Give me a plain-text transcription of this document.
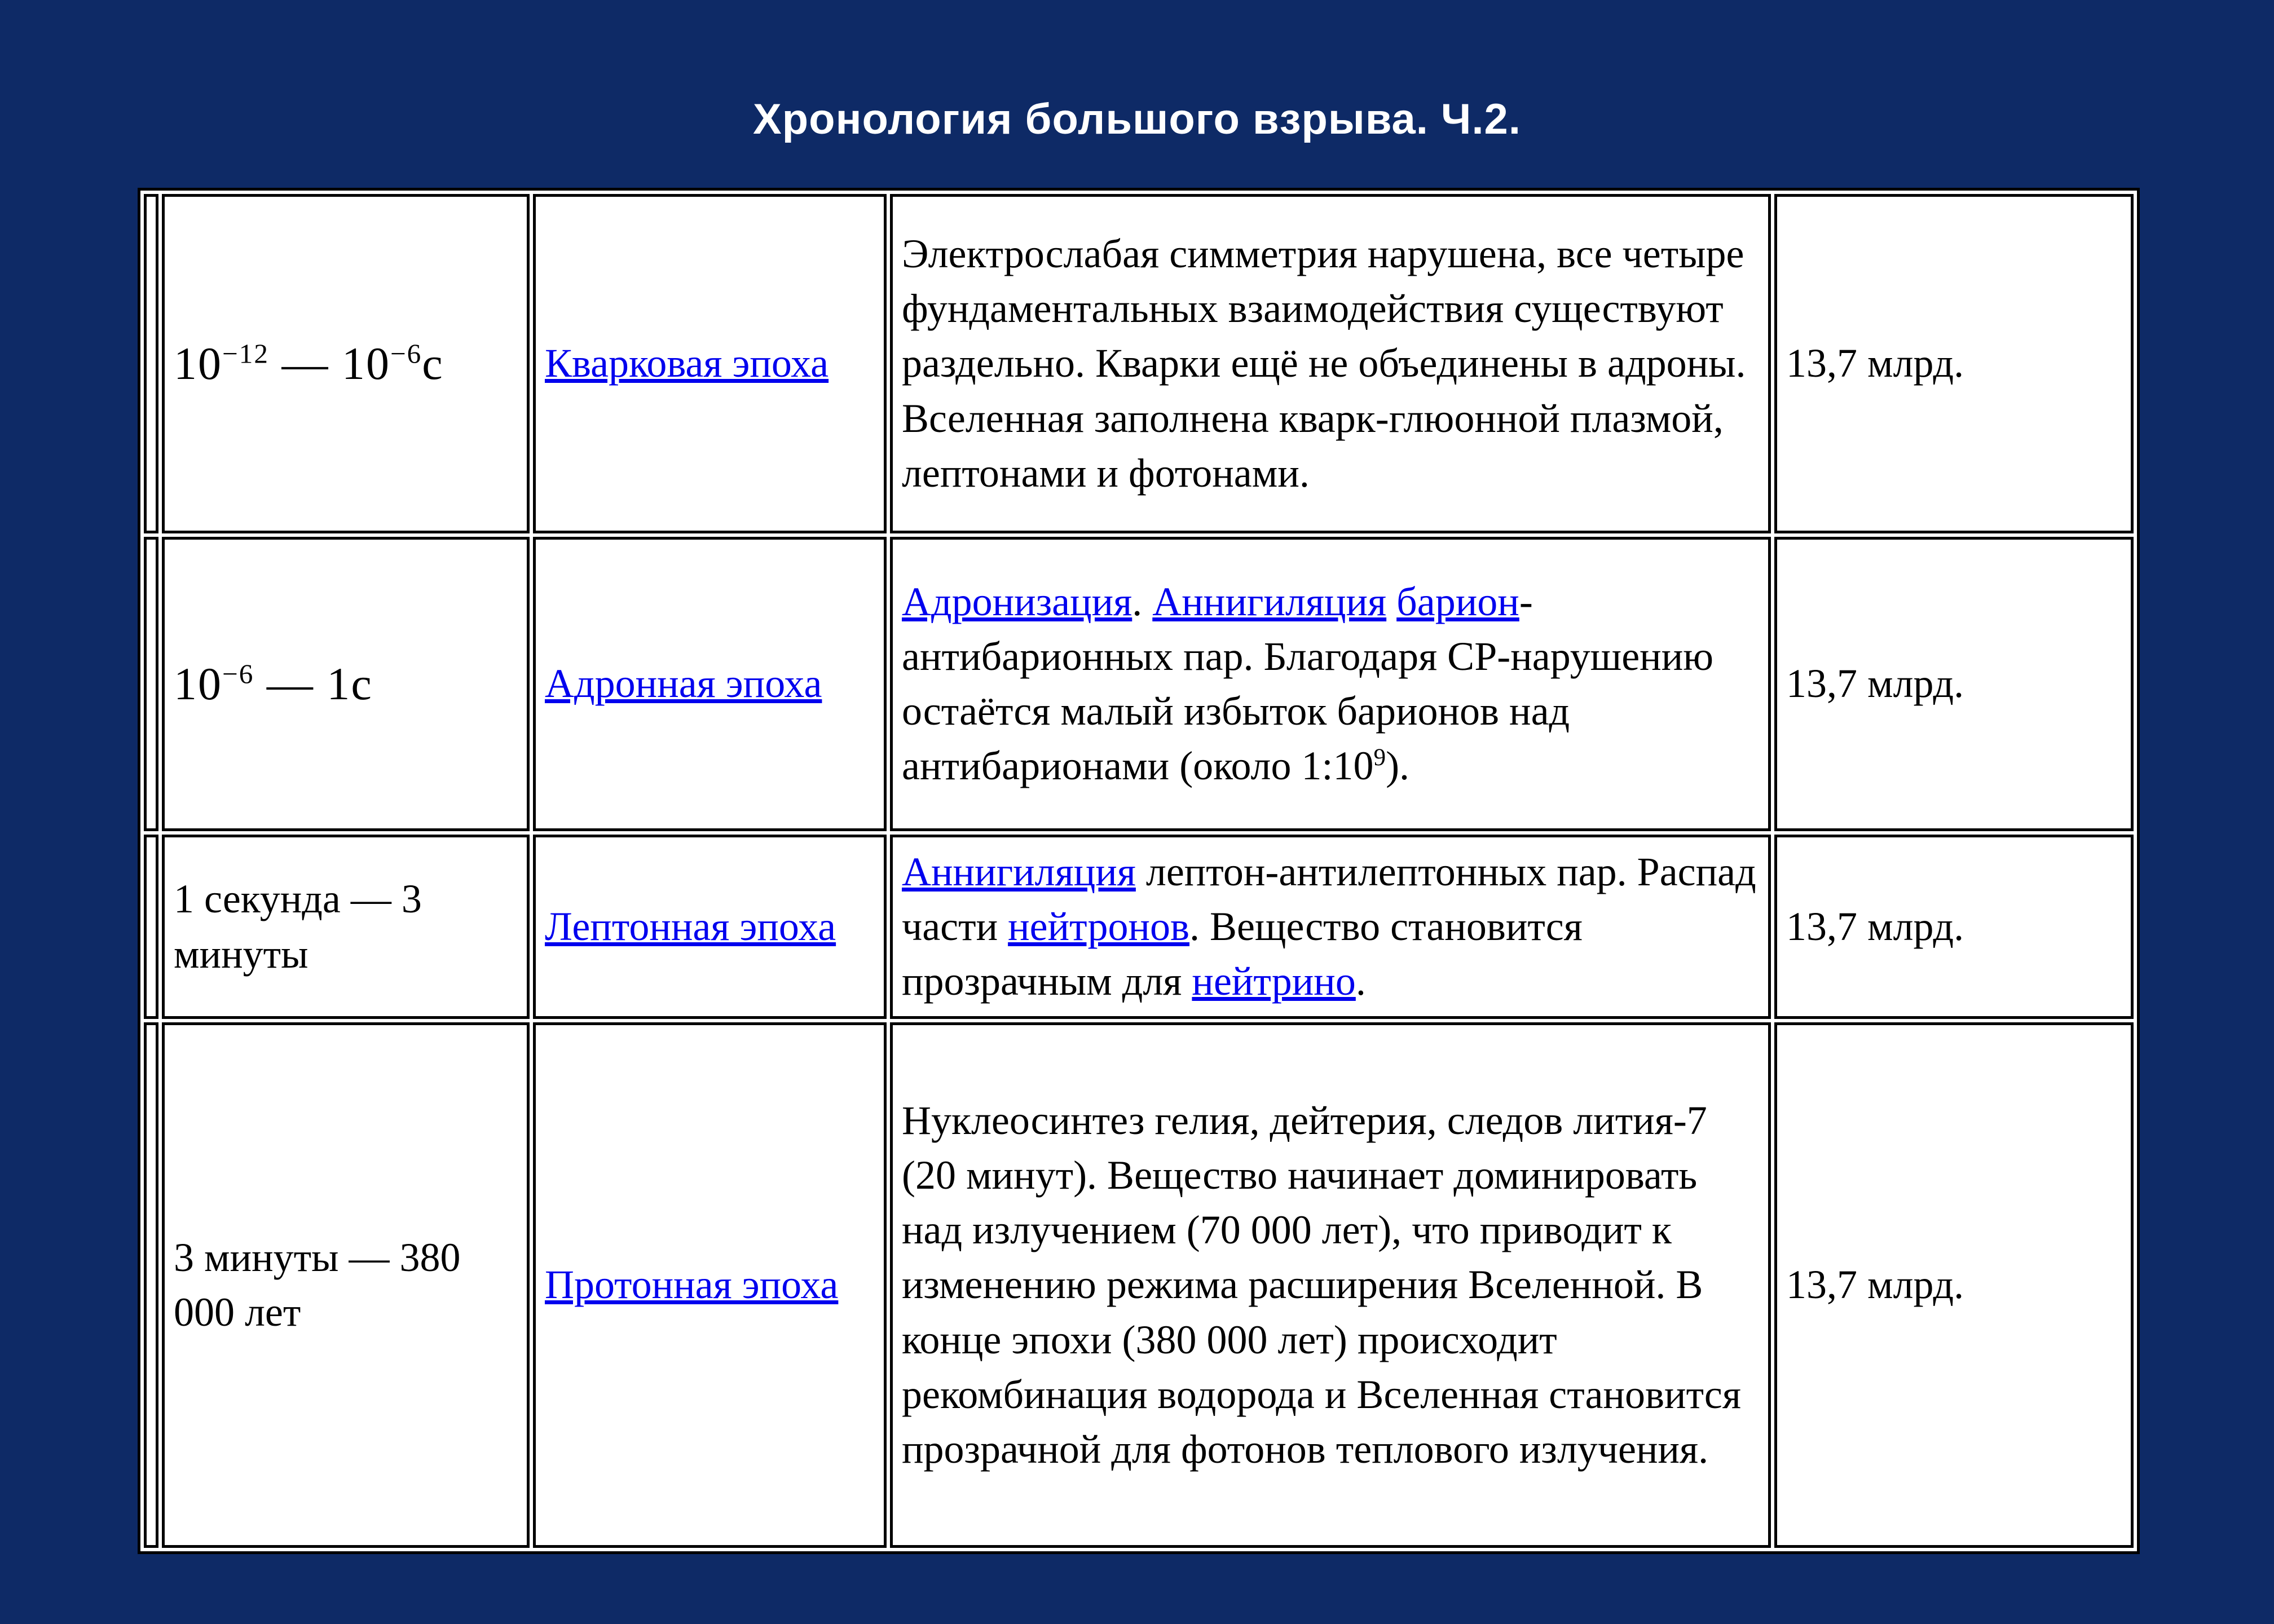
Хронология большого взрыва. Ч.2.
	$10^{-12}$ — $10^{-6}с$	Кварковая эпоха	Электрослабая симметрия нарушена, все четыре фундаментальных взаимодействия существуют раздельно. Кварки ещё не объединены в адроны. Вселенная заполнена кварк-глюонной плазмой, лептонами и фотонами.	13,7 млрд.
	$10^{-6}$ — 1с	Адронная эпоха	Адронизация. Аннигиляция барион-антибарионных пар. Благодаря CP-нарушению остаётся малый избыток барионов над антибарионами (около $1:10^9$).	13,7 млрд.
	1 секунда — 3 минуты	Лептонная эпоха	Аннигиляция лептон-антилептонных пар. Распад части нейтронов. Вещество становится прозрачным для нейтрино.	13,7 млрд.
	3 минуты — 380 000 лет	Протонная эпоха	Нуклеосинтез гелия, дейтерия, следов лития-7 (20 минут). Вещество начинает доминировать над излучением (70 000 лет), что приводит к изменению режима расширения Вселенной. В конце эпохи (380 000 лет) происходит рекомбинация водорода и Вселенная становится прозрачной для фотонов теплового излучения.	13,7 млрд.
